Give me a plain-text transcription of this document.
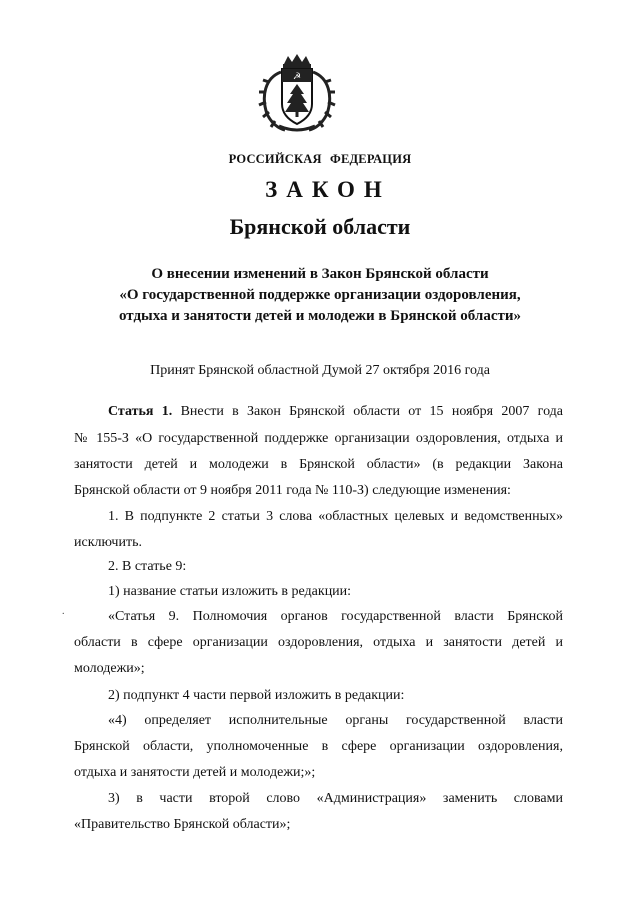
☭
РОССИЙСКАЯ ФЕДЕРАЦИЯ
ЗАКОН
Брянской области
О внесении изменений в Закон Брянской области
«О государственной поддержке организации оздоровления,
отдыха и занятости детей и молодежи в Брянской области»
Принят Брянской областной Думой 27 октября 2016 года
Статья 1. Внести в Закон Брянской области от 15 ноября 2007 года
№ 155-З «О государственной поддержке организации оздоровления, отдыха и
занятости детей и молодежи в Брянской области» (в редакции Закона
Брянской области от 9 ноября 2011 года № 110-З) следующие изменения:
1. В подпункте 2 статьи 3 слова «областных целевых и ведомственных»
исключить.
2. В статье 9:
1) название статьи изложить в редакции:
.	«Статья 9. Полномочия органов государственной власти Брянской
области в сфере организации оздоровления, отдыха и занятости детей и
молодежи»;
2) подпункт 4 части первой изложить в редакции:
«4) определяет исполнительные органы государственной власти
Брянской области, уполномоченные в сфере организации оздоровления,
отдыха и занятости детей и молодежи;»;
3) в части второй слово «Администрация» заменить словами
«Правительство Брянской области»;
